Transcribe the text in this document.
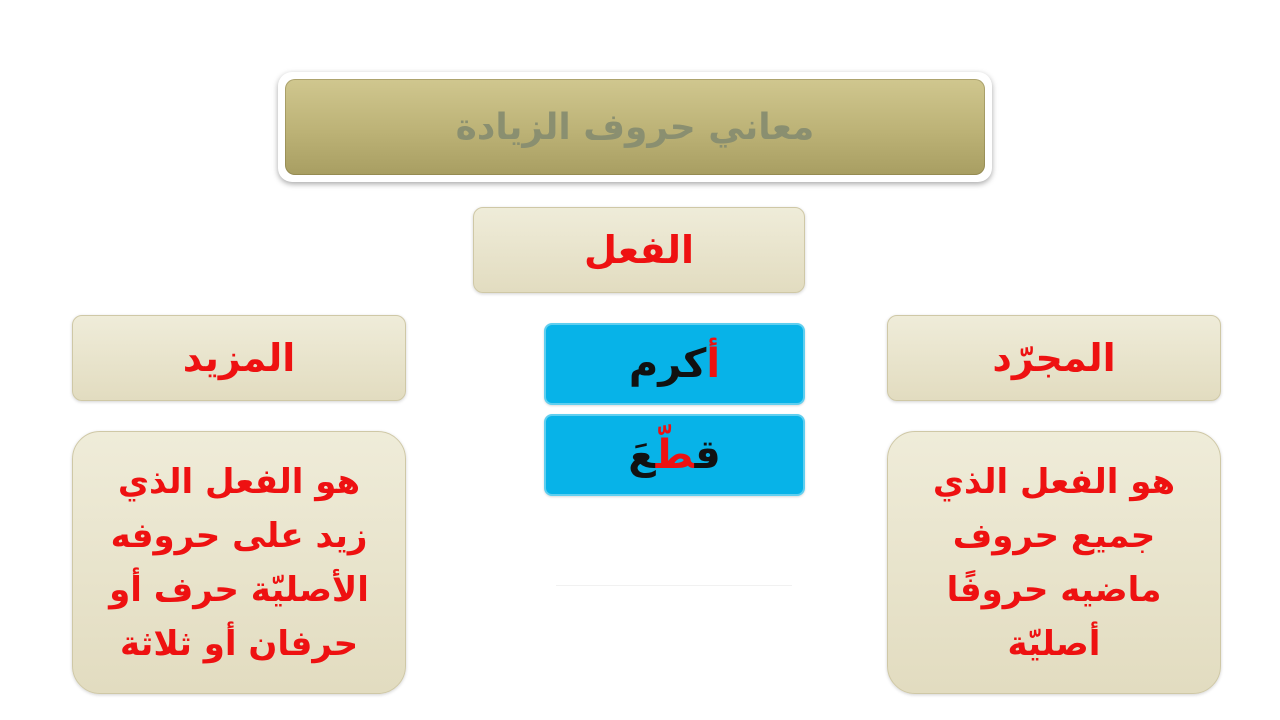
معاني حروف الزيادة
الفعل
المزيد	المجرّد
هو الفعل الذي
زيد على حروفه
الأصليّة حرف أو
حرفان أو ثلاثة
هو الفعل الذي
جميع حروف
ماضيه حروفًا
أصليّة
أكرم
قطّعَ
